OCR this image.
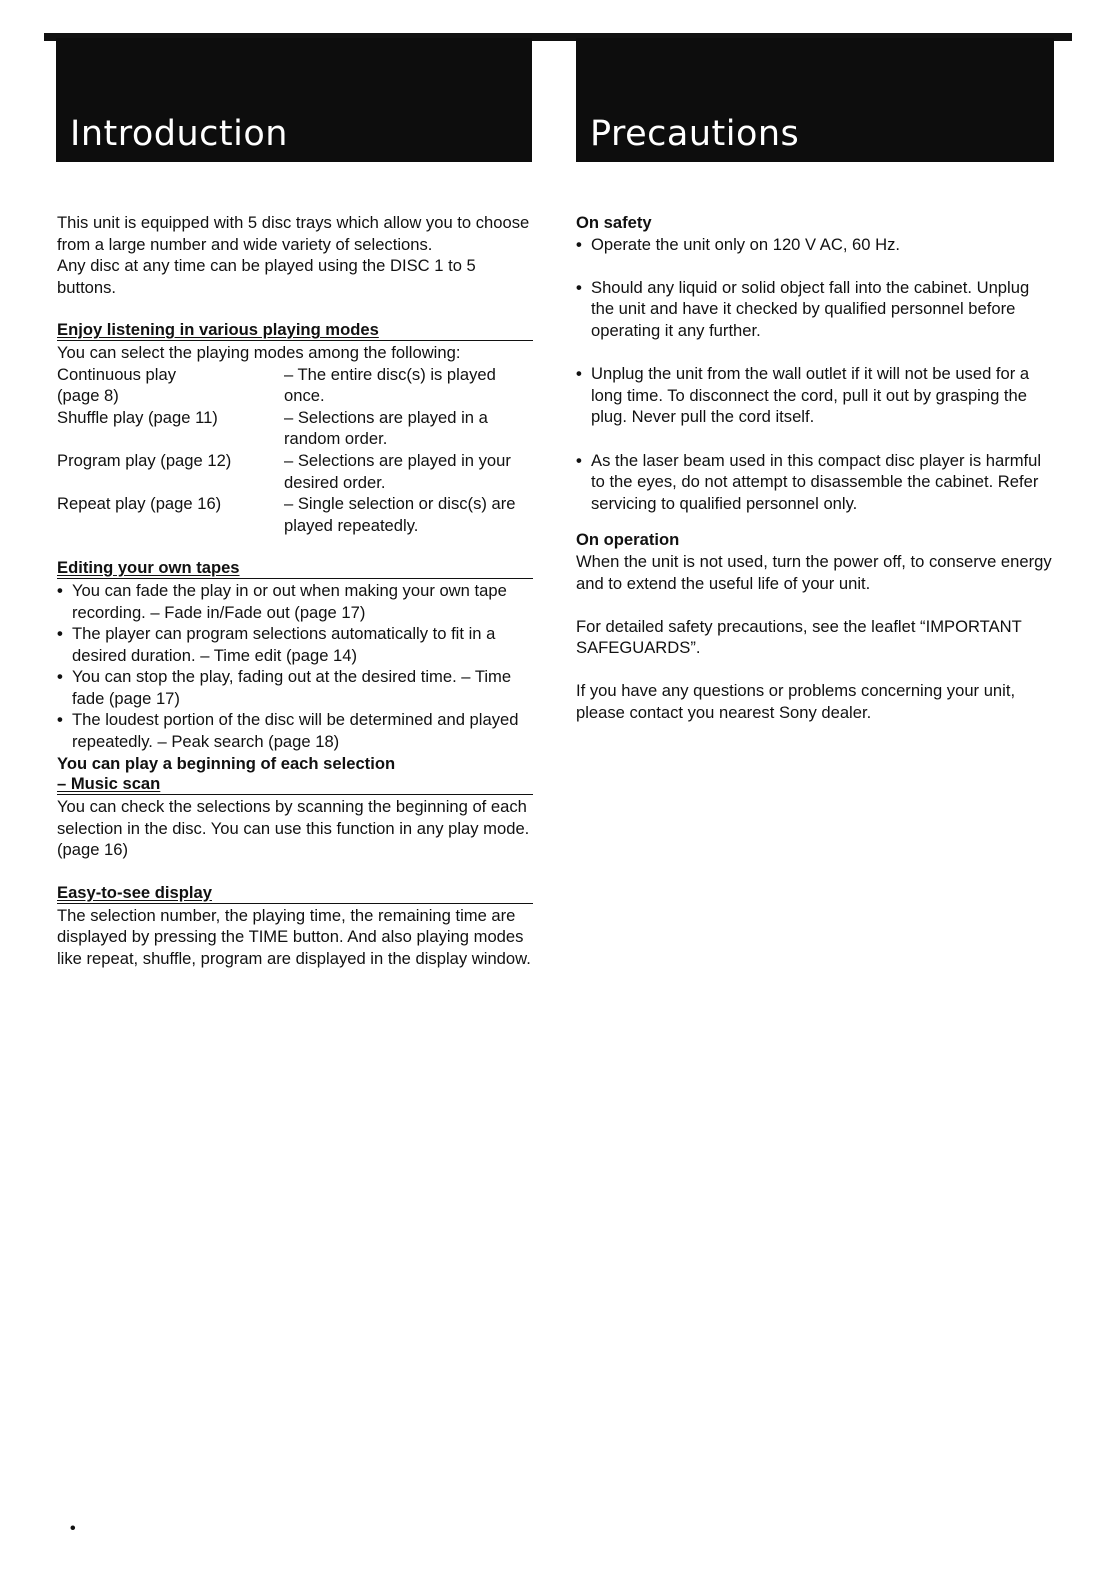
Introduction	Precautions

This unit is equipped with 5 disc trays which allow you to choose from a large number and wide variety of selections.

Any disc at any time can be played using the DISC 1 to 5 buttons.

Enjoy listening in various playing modes

You can select the playing modes among the following:

Continuous play (page 8)
– The entire disc(s) is played once.
Shuffle play (page 11)	– Selections are played in a random order.
Program play (page 12)	– Selections are played in your desired order.
Repeat play (page 16)	– Single selection or disc(s) are played repeatedly.
Editing your own tapes
• You can fade the play in or out when making your own tape recording. – Fade in/Fade out (page 17)
• The player can program selections automatically to fit in a desired duration. – Time edit (page 14)
• You can stop the play, fading out at the desired time. – Time fade (page 17)
• The loudest portion of the disc will be determined and played repeatedly. – Peak search (page 18)

You can play a beginning of each selection

– Music scan

You can check the selections by scanning the beginning of each selection in the disc. You can use this function in any play mode. (page 16)

Easy-to-see display

The selection number, the playing time, the remaining time are displayed by pressing the TIME button. And also playing modes like repeat, shuffle, program are displayed in the display window.

On safety

• Operate the unit only on 120 V AC, 60 Hz.
• Should any liquid or solid object fall into the cabinet. Unplug the unit and have it checked by qualified personnel before operating it any further.
• Unplug the unit from the wall outlet if it will not be used for a long time. To disconnect the cord, pull it out by grasping the plug. Never pull the cord itself.
• As the laser beam used in this compact disc player is harmful to the eyes, do not attempt to disassemble the cabinet. Refer servicing to qualified personnel only.

On operation

When the unit is not used, turn the power off, to conserve energy and to extend the useful life of your unit.

For detailed safety precautions, see the leaflet “IMPORTANT SAFEGUARDS”.

If you have any questions or problems concerning your unit, please contact you nearest Sony dealer.

•
